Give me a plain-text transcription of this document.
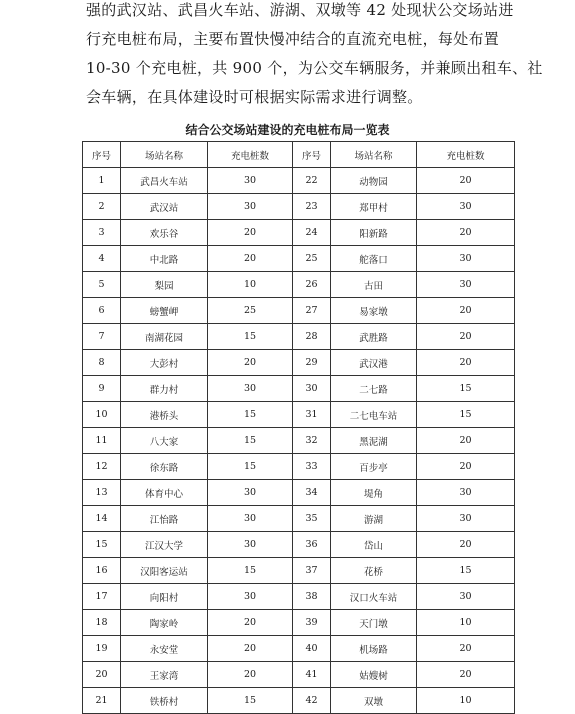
强的武汉站、武昌火车站、游湖、双墩等 42 处现状公交场站进
行充电桩布局，主要布置快慢冲结合的直流充电桩，每处布置
10-30 个充电桩，共 900 个，为公交车辆服务，并兼顾出租车、社
会车辆，在具体建设时可根据实际需求进行调整。
结合公交场站建设的充电桩布局一览表
序号	场站名称	充电桩数	序号	场站名称	充电桩数
1	武昌火车站	30	22	动物园	20
2	武汉站	30	23	郑甲村	30
3	欢乐谷	20	24	阳新路	20
4	中北路	20	25	舵落口	30
5	梨园	10	26	古田	30
6	螃蟹岬	25	27	易家墩	20
7	南湖花园	15	28	武胜路	20
8	大彭村	20	29	武汉港	20
9	群力村	30	30	二七路	15
10	港桥头	15	31	二七电车站	15
11	八大家	15	32	黑泥湖	20
12	徐东路	15	33	百步亭	20
13	体育中心	30	34	堤角	30
14	江怡路	30	35	游湖	30
15	江汉大学	30	36	岱山	20
16	汉阳客运站	15	37	花桥	15
17	向阳村	30	38	汉口火车站	30
18	陶家岭	20	39	天门墩	10
19	永安堂	20	40	机场路	20
20	王家湾	20	41	姑嫂树	20
21	铁桥村	15	42	双墩	10
